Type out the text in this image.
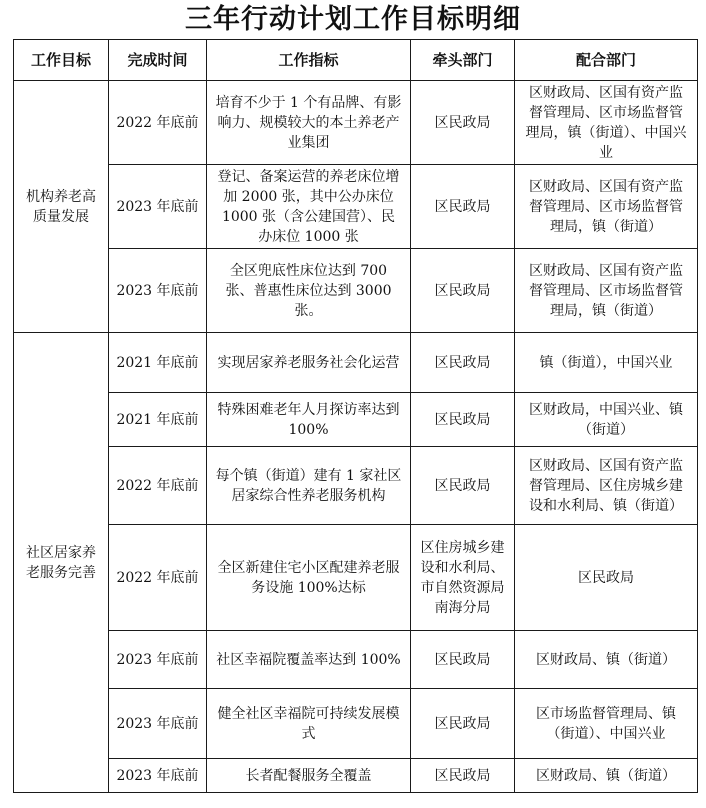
三年行动计划工作目标明细
工作目标	完成时间	工作指标	牵头部门	配合部门
机构养老高质量发展	2022 年底前	培育不少于 1 个有品牌、有影响力、规模较大的本土养老产业集团	区民政局	区财政局、区国有资产监督管理局、区市场监督管理局，镇（街道）、中国兴业
	2023 年底前	登记、备案运营的养老床位增加 2000 张，其中公办床位 1000 张（含公建国营）、民办床位 1000 张	区民政局	区财政局、区国有资产监督管理局、区市场监督管理局，镇（街道）
	2023 年底前	全区兜底性床位达到 700 张、普惠性床位达到 3000 张。	区民政局	区财政局、区国有资产监督管理局、区市场监督管理局，镇（街道）
社区居家养老服务完善	2021 年底前	实现居家养老服务社会化运营	区民政局	镇（街道），中国兴业
	2021 年底前	特殊困难老年人月探访率达到 100%	区民政局	区财政局，中国兴业、镇（街道）
	2022 年底前	每个镇（街道）建有 1 家社区居家综合性养老服务机构	区民政局	区财政局、区国有资产监督管理局、区住房城乡建设和水利局、镇（街道）
	2022 年底前	全区新建住宅小区配建养老服务设施 100%达标	区住房城乡建设和水利局、市自然资源局南海分局	区民政局
	2023 年底前	社区幸福院覆盖率达到 100%	区民政局	区财政局、镇（街道）
	2023 年底前	健全社区幸福院可持续发展模式	区民政局	区市场监督管理局、镇（街道）、中国兴业
	2023 年底前	长者配餐服务全覆盖	区民政局	区财政局、镇（街道）
